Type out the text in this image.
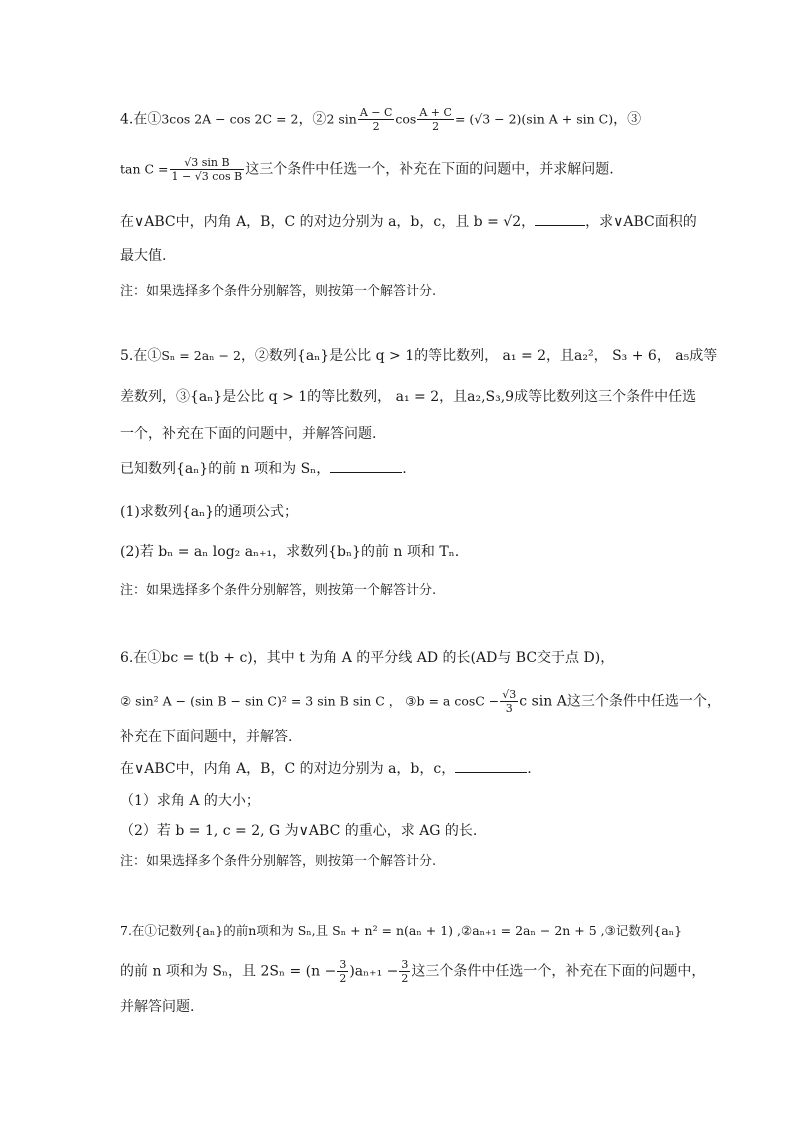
4.在①3cos 2A − cos 2C = 2，②2 $\sin \frac{A - C}{2}$ $\cos \frac{A + C}{2} = (√3 - 2)(\sin$ A + sin C)，③
$\tan C = \frac{\text{√3 sin B}}{\text{1 − √3 cos B}}$ 这三个条件中任选一个，补充在下面的问题中，并求解问题.
在∨ABC中，内角 A，B，C 的对边分别为 a，b，c，且 b = √2，	，求∨ABC面积的
最大值.
注：如果选择多个条件分别解答，则按第一个解答计分.
5.在①Sₙ = 2aₙ − 2，②数列{aₙ}是公比 q > 1的等比数列， a₁ = 2，且a₂²， S₃ + 6， a₅成等
差数列，③{aₙ}是公比 q > 1的等比数列， a₁ = 2，且a₂,S₃,9成等比数列这三个条件中任选
一个，补充在下面的问题中，并解答问题.
已知数列{aₙ}的前 n 项和为 Sₙ，	.
(1)求数列{aₙ}的通项公式；
(2)若 bₙ = aₙ log₂ aₙ₊₁，求数列{bₙ}的前 n 项和 Tₙ.
注：如果选择多个条件分别解答，则按第一个解答计分.
6.在①bc = t(b + c)，其中 t 为角 A 的平分线 AD 的长(AD与 BC交于点 D)，
② sin² A − (sin B − sin C)² = 3 sin B sin C ， ③b = a $\cos C - \frac{√3}{3}$ c sin A这三个条件中任选一个，
补充在下面问题中，并解答.
在∨ABC中，内角 A，B，C 的对边分别为 a，b，c，	.
（1）求角 A 的大小；
（2）若 b = 1, c = 2, G 为∨ABC 的重心，求 AG 的长.
注：如果选择多个条件分别解答，则按第一个解答计分.
7.在①记数列{aₙ}的前n项和为 Sₙ,且 Sₙ + n² = n(aₙ + 1) ,②aₙ₊₁ = 2aₙ − 2n + 5 ,③记数列{aₙ}
的前 n 项和为 Sₙ，且 $2S_n = (n - \frac{3}{2} )a_{n+1} - \frac{3}{2}$ 这三个条件中任选一个，补充在下面的问题中，
并解答问题.
